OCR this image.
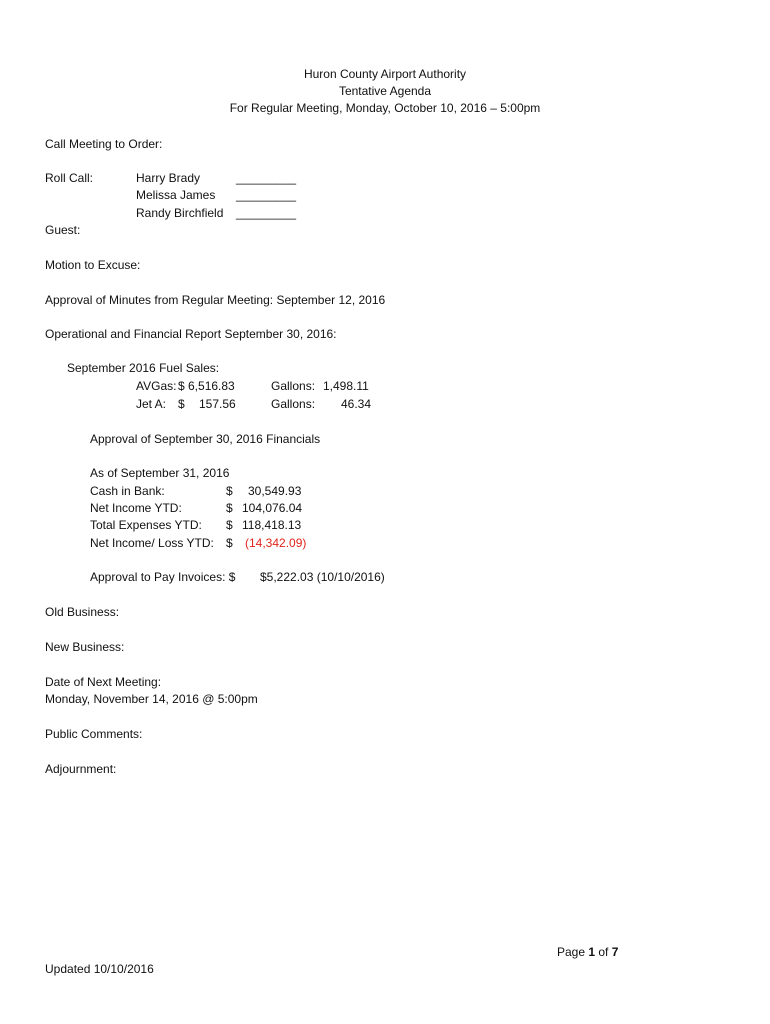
Huron County Airport Authority
Tentative Agenda
For Regular Meeting, Monday, October 10, 2016 – 5:00pm
Call Meeting to Order:
Roll Call:	Harry Brady	_________
Melissa James _________
Randy Birchfield _________
Guest:
Motion to Excuse:
Approval of Minutes from Regular Meeting: September 12, 2016
Operational and Financial Report September 30, 2016:
September 2016 Fuel Sales:
AVGas: $ 6,516.83	Gallons: 1,498.11
Jet A: $ 157.56	Gallons: 46.34
Approval of September 30, 2016 Financials
As of September 31, 2016
Cash in Bank:	$ 30,549.93
Net Income YTD:	$ 104,076.04
Total Expenses YTD: $ 118,418.13
Net Income/ Loss YTD: $ (14,342.09)
Approval to Pay Invoices: $ $5,222.03 (10/10/2016)
Old Business:
New Business:
Date of Next Meeting:
Monday, November 14, 2016 @ 5:00pm
Public Comments:
Adjournment:
Page 1 of 7
Updated 10/10/2016
